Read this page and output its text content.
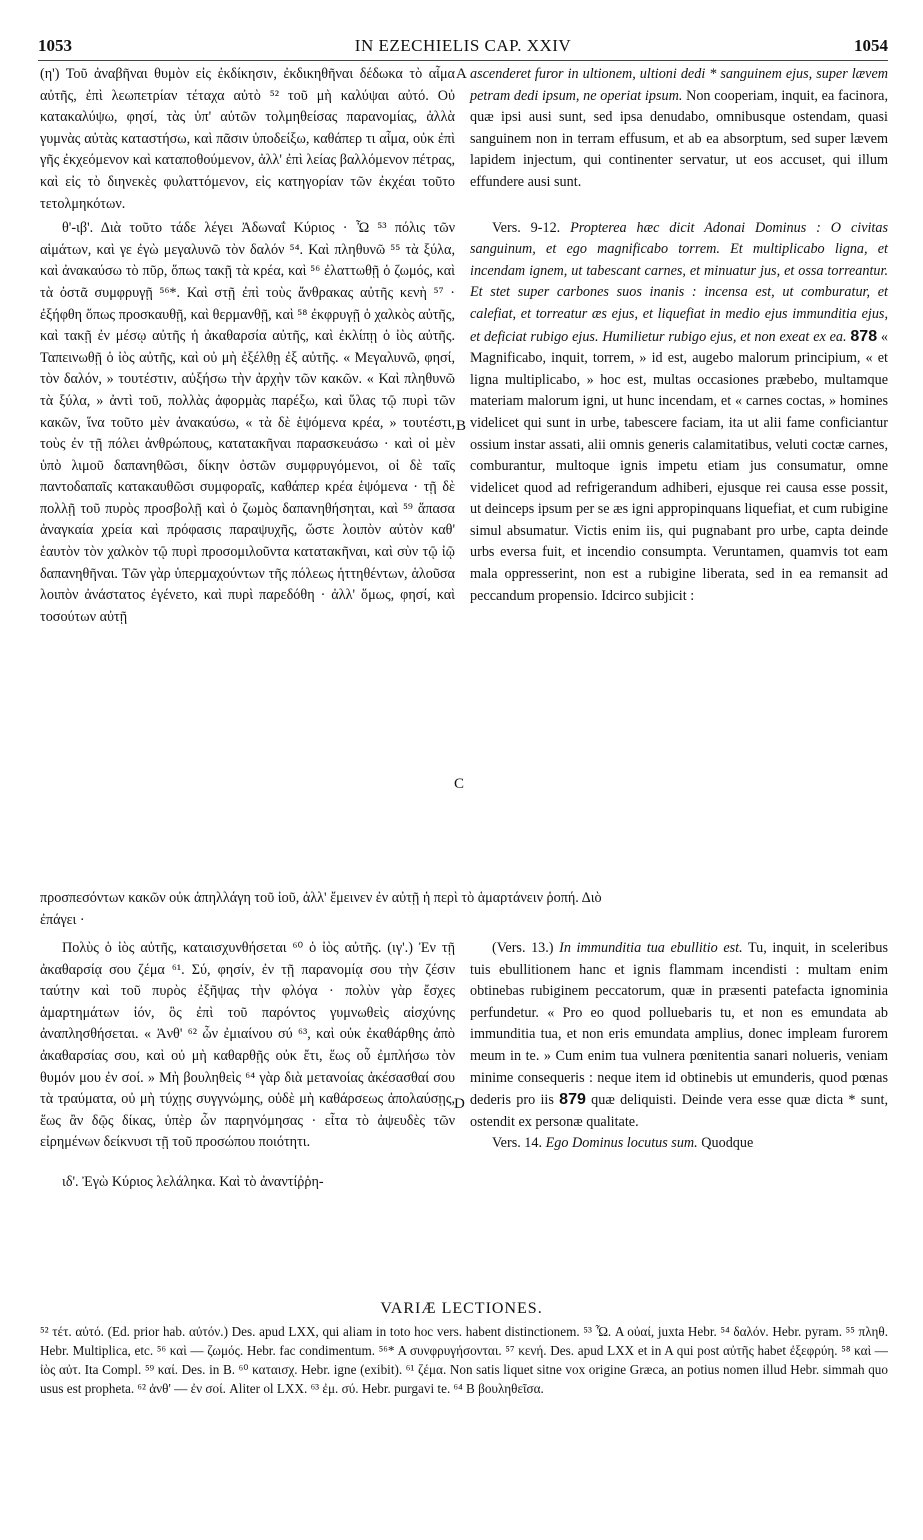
1053	IN EZECHIELIS CAP. XXIV	1054

(η') Τοῦ ἀναβῆναι θυμὸν εἰς ἐκδίκησιν, ἐκδικηθῆναι δέδωκα τὸ αἷμα αὐτῆς, ἐπὶ λεωπετρίαν τέταχα αὐτὸ ⁵² τοῦ μὴ καλύψαι αὐτό. Οὐ κατακαλύψω, φησί, τὰς ὑπ' αὐτῶν τολμηθείσας παρανομίας, ἀλλὰ γυμνὰς αὐτὰς καταστήσω, καὶ πᾶσιν ὑποδείξω, καθάπερ τι αἷμα, οὐκ ἐπὶ γῆς ἐκχεόμενον καὶ καταποθούμενον, ἀλλ' ἐπὶ λείας βαλλόμενον πέτρας, καὶ εἰς τὸ διηνεκὲς φυλαττόμενον, εἰς κατηγορίαν τῶν ἐκχέαι τοῦτο τετολμηκότων.

θ'-ιβ'. Διὰ τοῦτο τάδε λέγει Ἀδωναΐ Κύριος · Ὦ ⁵³ πόλις τῶν αἱμάτων, καὶ γε ἐγὼ μεγαλυνῶ τὸν δαλόν ⁵⁴. Καὶ πληθυνῶ ⁵⁵ τὰ ξύλα, καὶ ἀνακαύσω τὸ πῦρ, ὅπως τακῇ τὰ κρέα, καὶ ⁵⁶ ἐλαττωθῇ ὁ ζωμός, καὶ τὰ ὀστᾶ συμφρυγῇ ⁵⁶*. Καὶ στῇ ἐπὶ τοὺς ἄνθρακας αὐτῆς κενὴ ⁵⁷ · ἐξήφθη ὅπως προσκαυθῇ, καὶ θερμανθῇ, καὶ ⁵⁸ ἐκφρυγῇ ὁ χαλκὸς αὐτῆς, καὶ τακῇ ἐν μέσῳ αὐτῆς ἡ ἀκαθαρσία αὐτῆς, καὶ ἐκλίπῃ ὁ ἰὸς αὐτῆς. Ταπεινωθῇ ὁ ἰὸς αὐτῆς, καὶ οὐ μὴ ἐξέλθῃ ἐξ αὐτῆς. « Μεγαλυνῶ, φησί, τὸν δαλόν, » τουτέστιν, αὐξήσω τὴν ἀρχὴν τῶν κακῶν. « Καὶ πληθυνῶ τὰ ξύλα, » ἀντὶ τοῦ, πολλὰς ἀφορμὰς παρέξω, καὶ ὕλας τῷ πυρὶ τῶν κακῶν, ἵνα τοῦτο μὲν ἀνακαύσω, « τὰ δὲ ἑψόμενα κρέα, » τουτέστι, τοὺς ἐν τῇ πόλει ἀνθρώπους, κατατακῆναι παρασκευάσω · καὶ οἱ μὲν ὑπὸ λιμοῦ δαπανηθῶσι, δίκην ὀστῶν συμφρυγόμενοι, οἱ δὲ ταῖς παντοδαπαῖς κατακαυθῶσι συμφοραῖς, καθάπερ κρέα ἑψόμενα · τῇ δὲ πολλῇ τοῦ πυρὸς προσβολῇ καὶ ὁ ζωμὸς δαπανηθήσηται, καὶ ⁵⁹ ἅπασα ἀναγκαία χρεία καὶ πρόφασις παραψυχῆς, ὥστε λοιπὸν αὐτὸν καθ' ἑαυτὸν τὸν χαλκὸν τῷ πυρὶ προσομιλοῦντα κατατακῆναι, καὶ σὺν τῷ ἰῷ δαπανηθῆναι. Τῶν γὰρ ὑπερμαχούντων τῆς πόλεως ἡττηθέντων, ἁλοῦσα λοιπὸν ἀνάστατος ἐγένετο, καὶ πυρὶ παρεδόθη · ἀλλ' ὅμως, φησί, καὶ τοσούτων αὐτῇ

ascenderet furor in ultionem, ultioni dedi * sanguinem ejus, super lævem petram dedi ipsum, ne operiat ipsum. Non cooperiam, inquit, ea facinora, quæ ipsi ausi sunt, sed ipsa denudabo, omnibusque ostendam, quasi sanguinem non in terram effusum, et ab ea absorptum, sed super lævem lapidem injectum, qui continenter servatur, ut eos accuset, qui illum effundere ausi sunt.

Vers. 9-12. Propterea hæc dicit Adonai Dominus : O civitas sanguinum, et ego magnificabo torrem. Et multiplicabo ligna, et incendam ignem, ut tabescant carnes, et minuatur jus, et ossa torreantur. Et stet super carbones suos inanis : incensa est, ut comburatur, et calefiat, et torreatur æs ejus, et liquefiat in medio ejus immunditia ejus, et deficiat rubigo ejus. Humilietur rubigo ejus, et non exeat ex ea. 878 « Magnificabo, inquit, torrem, » id est, augebo malorum principium, « et ligna multiplicabo, » hoc est, multas occasiones præbebo, multamque materiam malorum igni, ut hunc incendam, et « carnes coctas, » homines videlicet qui sunt in urbe, tabescere faciam, ita ut alii fame conficiantur ossium instar assati, alii omnis generis calamitatibus, veluti coctæ carnes, comburantur, multoque ignis impetu etiam jus consumatur, omne videlicet quod ad refrigerandum adhiberi, ejusque rei causa esse possit, ut deinceps ipsum per se æs igni appropinquans liquefiat, et cum rubigine simul absumatur. Victis enim iis, qui pugnabant pro urbe, capta deinde urbs eversa fuit, et incendio consumpta. Veruntamen, quamvis tot eam mala oppresserint, non est a rubigine liberata, sed in ea remansit ad peccandum propensio. Idcirco subjicit :

προσπεσόντων κακῶν οὐκ ἀπηλλάγη τοῦ ἰοῦ, ἀλλ' ἔμεινεν ἐν αὐτῇ ἡ περὶ τὸ ἁμαρτάνειν ῥοπή. Διὸ
ἐπάγει ·

Πολὺς ὁ ἰὸς αὐτῆς, καταισχυνθήσεται ⁶⁰ ὁ ἰὸς αὐτῆς. (ιγ'.) Ἐν τῇ ἀκαθαρσίᾳ σου ζέμα ⁶¹. Σύ, φησίν, ἐν τῇ παρανομίᾳ σου τὴν ζέσιν ταύτην καὶ τοῦ πυρὸς ἐξῆψας τὴν φλόγα · πολὺν γὰρ ἔσχες ἁμαρτημάτων ἰόν, ὃς ἐπὶ τοῦ παρόντος γυμνωθεὶς αἰσχύνης ἀναπλησθήσεται. « Ἀνθ' ⁶² ὧν ἐμιαίνου σύ ⁶³, καὶ οὐκ ἐκαθάρθης ἀπὸ ἀκαθαρσίας σου, καὶ οὐ μὴ καθαρθῇς οὐκ ἔτι, ἕως οὗ ἐμπλήσω τὸν θυμόν μου ἐν σοί. » Μὴ βουληθεὶς ⁶⁴ γὰρ διὰ μετανοίας ἀκέσασθαί σου τὰ τραύματα, οὐ μὴ τύχῃς συγγνώμης, οὐδὲ μὴ καθάρσεως ἀπολαύσῃς, ἕως ἂν δῷς δίκας, ὑπὲρ ὧν παρηνόμησας · εἶτα τὸ ἀψευδὲς τῶν εἰρημένων δείκνυσι τῇ τοῦ προσώπου ποιότητι.

ιδ'. Ἐγὼ Κύριος λελάληκα. Καὶ τὸ ἀναντίῤῥη-

(Vers. 13.) In immunditia tua ebullitio est. Tu, inquit, in sceleribus tuis ebullitionem hanc et ignis flammam incendisti : multam enim obtinebas rubiginem peccatorum, quæ in præsenti patefacta ignominia perfundetur. « Pro eo quod polluebaris tu, et non es emundata ab immunditia tua, et non eris emundata amplius, donec impleam furorem meum in te. » Cum enim tua vulnera pœnitentia sanari nolueris, veniam minime consequeris : neque item id obtinebis ut emunderis, quod pœnas dederis pro iis 879 quæ deliquisti. Deinde vera esse quæ dicta * sunt, ostendit ex personæ qualitate.

Vers. 14. Ego Dominus locutus sum. Quodque

A
B
C
D
VARIÆ LECTIONES.
⁵² τέτ. αὐτό. (Ed. prior hab. αὐτόν.) Des. apud LXX, qui aliam in toto hoc vers. habent distinctionem. ⁵³ Ὦ. A οὐαί, juxta Hebr. ⁵⁴ δαλόν. Hebr. pyram. ⁵⁵ πληθ. Hebr. Multiplica, etc. ⁵⁶ καὶ — ζωμός. Hebr. fac condimentum. ⁵⁶* A συνφρυγήσονται. ⁵⁷ κενή. Des. apud LXX et in A qui post αὐτῆς habet ἐξεφρύη. ⁵⁸ καὶ — ἰὸς αὐτ. Ita Compl. ⁵⁹ καί. Des. in B. ⁶⁰ καταισχ. Hebr. igne (exibit). ⁶¹ ζέμα. Non satis liquet sitne vox origine Græca, an potius nomen illud Hebr. simmah quo usus est propheta. ⁶² ἀνθ' — ἐν σοί. Aliter ol LXX. ⁶³ ἐμ. σύ. Hebr. purgavi te. ⁶⁴ B βουληθεῖσα.
